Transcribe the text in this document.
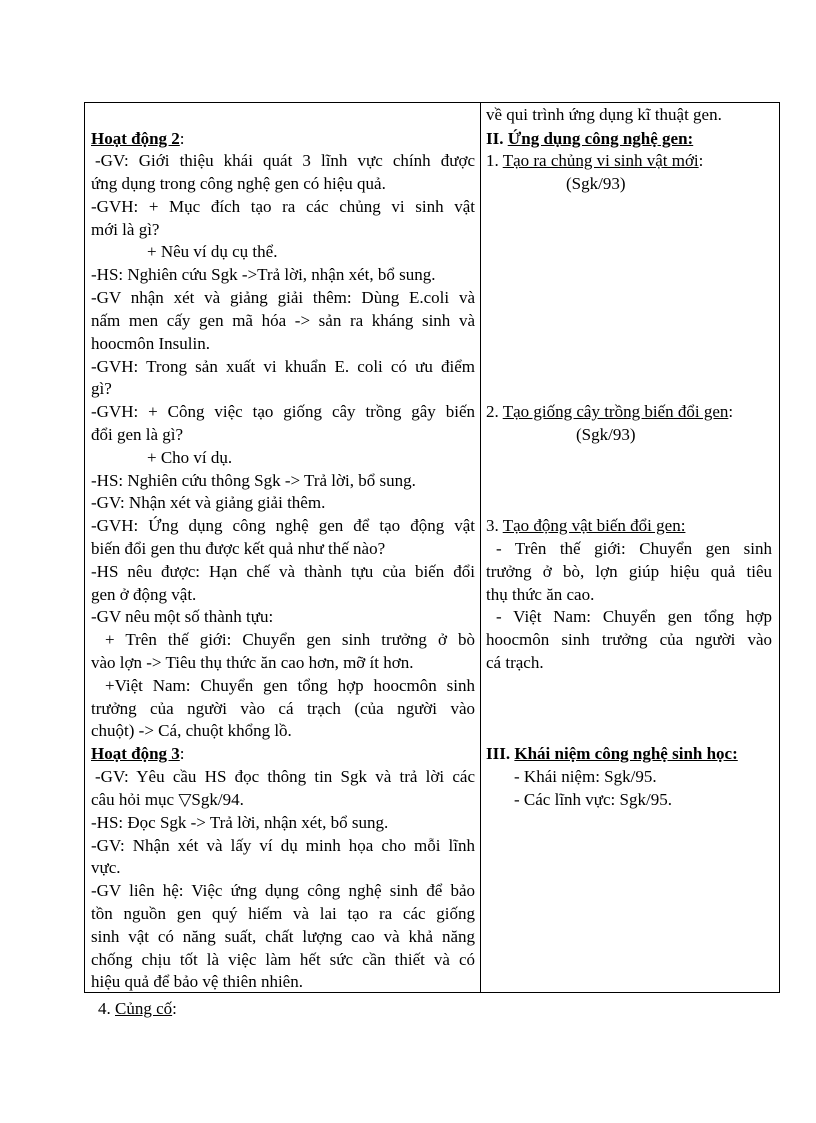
Hoạt động 2:
-GV: Giới thiệu khái quát 3 lĩnh vực chính được
ứng dụng trong công nghệ gen có hiệu quả.
-GVH: + Mục đích tạo ra các chủng vi sinh vật
mới là gì?
+ Nêu ví dụ cụ thể.
-HS: Nghiên cứu Sgk ->Trả lời, nhận xét, bổ sung.
-GV nhận xét và giảng giải thêm: Dùng E.coli và
nấm men cấy gen mã hóa -> sản ra kháng sinh và
hoocmôn Insulin.
-GVH: Trong sản xuất vi khuẩn E. coli có ưu điểm
gì?
-GVH: + Công việc tạo giống cây trồng gây biến
đổi gen là gì?
+ Cho ví dụ.
-HS: Nghiên cứu thông Sgk -> Trả lời, bổ sung.
-GV: Nhận xét và giảng giải thêm.
-GVH: Ứng dụng công nghệ gen để tạo động vật
biến đổi gen thu được kết quả như thế nào?
-HS nêu được: Hạn chế và thành tựu của biến đổi
gen ở động vật.
-GV nêu một số thành tựu:
+ Trên thế giới: Chuyển gen sinh trưởng ở bò
vào lợn -> Tiêu thụ thức ăn cao hơn, mỡ ít hơn.
+Việt Nam: Chuyển gen tổng hợp hoocmôn sinh
trưởng của người vào cá trạch (của người vào
chuột) -> Cá, chuột khổng lồ.
Hoạt động 3:
-GV: Yêu cầu HS đọc thông tin Sgk và trả lời các
câu hỏi mục ▽Sgk/94.
-HS: Đọc Sgk -> Trả lời, nhận xét, bổ sung.
-GV: Nhận xét và lấy ví dụ minh họa cho mỗi lĩnh
vực.
-GV liên hệ: Việc ứng dụng công nghệ sinh để bảo
tồn nguồn gen quý hiếm và lai tạo ra các giống
sinh vật có năng suất, chất lượng cao và khả năng
chống chịu tốt là việc làm hết sức cần thiết và có
hiệu quả để bảo vệ thiên nhiên.
về qui trình ứng dụng kĩ thuật gen.
II. Ứng dụng công nghệ gen:
1. Tạo ra chủng vi sinh vật mới:
(Sgk/93)
2. Tạo giống cây trồng biến đổi gen:
(Sgk/93)
3. Tạo động vật biến đổi gen:
- Trên thế giới: Chuyển gen sinh
trưởng ở bò, lợn giúp hiệu quả tiêu
thụ thức ăn cao.
- Việt Nam: Chuyển gen tổng hợp
hoocmôn sinh trưởng của người vào
cá trạch.
III. Khái niệm công nghệ sinh học:
- Khái niệm: Sgk/95.
- Các lĩnh vực: Sgk/95.
4. Củng cố:
